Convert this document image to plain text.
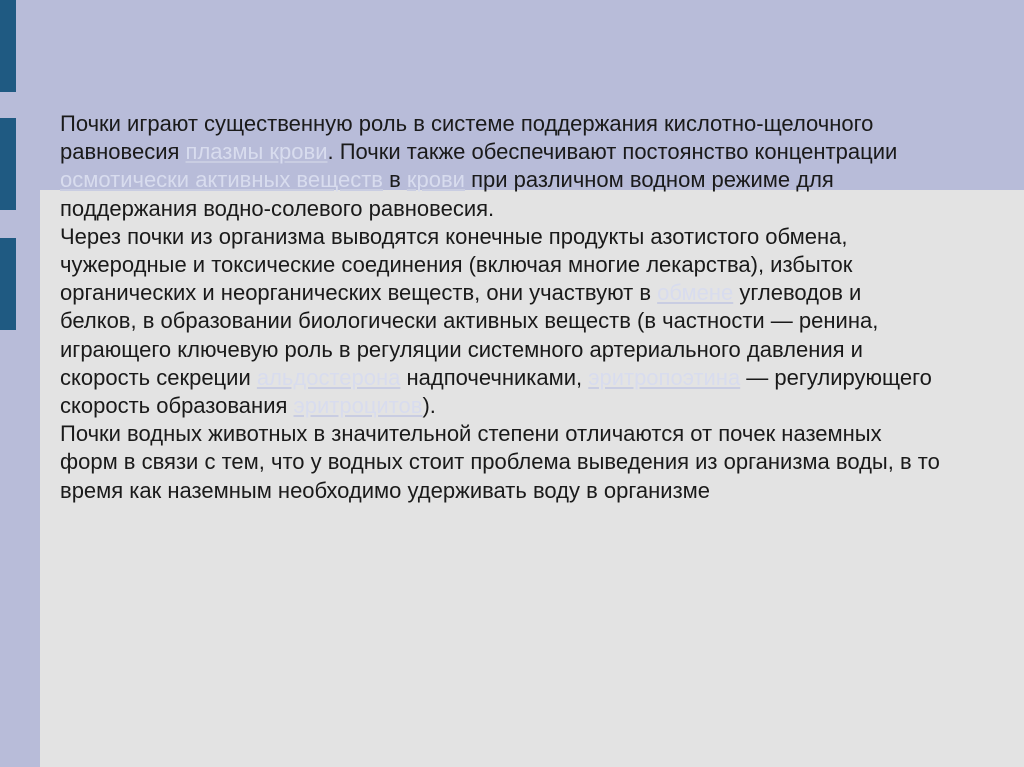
Почки играют существенную роль в системе поддержания кислотно-щелочного равновесия плазмы крови. Почки также обеспечивают постоянство концентрации осмотически активных веществ в крови при различном водном режиме для поддержания водно-солевого равновесия.

Через почки из организма выводятся конечные продукты азотистого обмена, чужеродные и токсические соединения (включая многие лекарства), избыток органических и неорганических веществ, они участвуют в обмене углеводов и белков, в образовании биологически активных веществ (в частности — ренина, играющего ключевую роль в регуляции системного артериального давления и скорость секреции альдостерона надпочечниками, эритропоэтина — регулирующего скорость образования эритроцитов).

Почки водных животных в значительной степени отличаются от почек наземных форм в связи с тем, что у водных стоит проблема выведения из организма воды, в то время как наземным необходимо удерживать воду в организме
